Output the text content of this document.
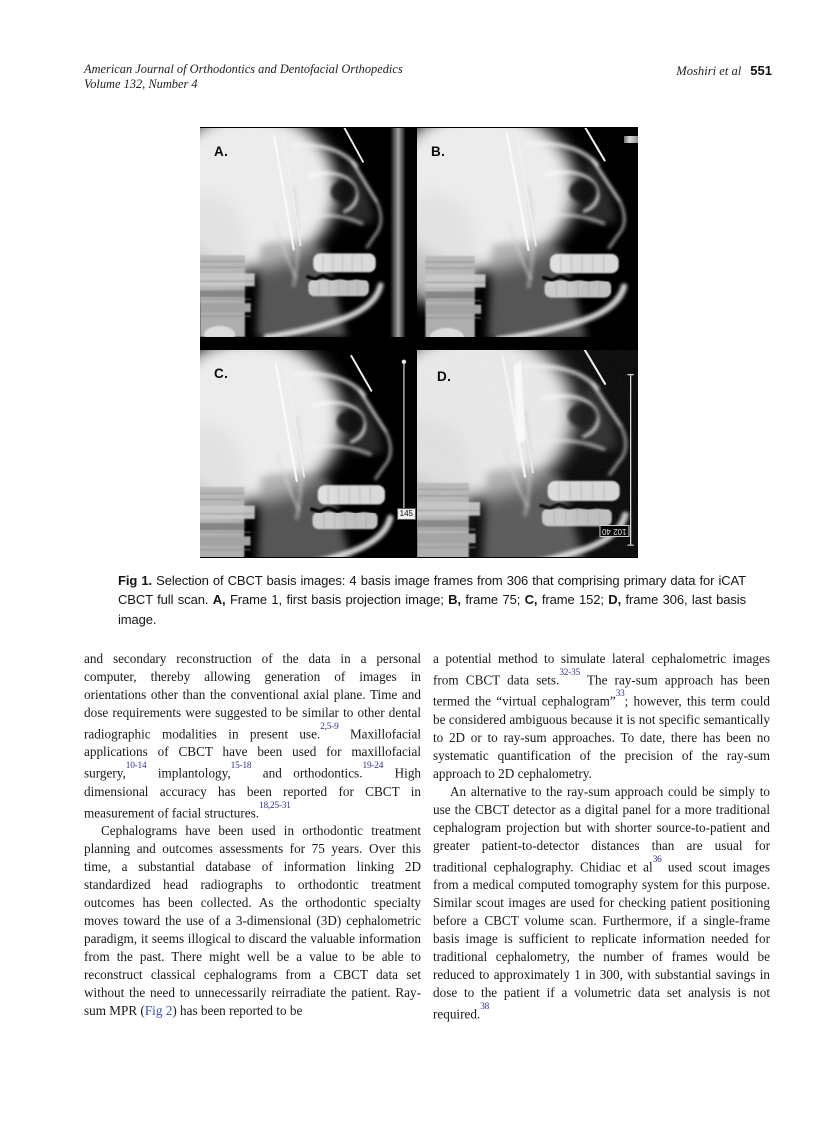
American Journal of Orthodontics and Dentofacial Orthopedics
Volume 132, Number 4
Moshiri et al 551
A.	B.
C.
145
D.
102 40

Fig 1. Selection of CBCT basis images: 4 basis image frames from 306 that comprising primary data for iCAT CBCT full scan. A, Frame 1, first basis projection image; B, frame 75; C, frame 152; D, frame 306, last basis image.

and secondary reconstruction of the data in a personal computer, thereby allowing generation of images in orientations other than the conventional axial plane. Time and dose requirements were suggested to be similar to other dental radiographic modalities in present use.$^{2,5-9}$ Maxillofacial applications of CBCT have been used for maxillofacial surgery,$^{10-14}$ implantology,$^{15-18}$ and orthodontics.$^{19-24}$ High dimensional accuracy has been reported for CBCT in measurement of facial structures.$^{18,25-31}$

Cephalograms have been used in orthodontic treatment planning and outcomes assessments for 75 years. Over this time, a substantial database of information linking 2D standardized head radiographs to orthodontic treatment outcomes has been collected. As the orthodontic specialty moves toward the use of a 3-dimensional (3D) cephalometric paradigm, it seems illogical to discard the valuable information from the past. There might well be a value to be able to reconstruct classical cephalograms from a CBCT data set without the need to unnecessarily reirradiate the patient. Ray-sum MPR (Fig 2) has been reported to be

a potential method to simulate lateral cephalometric images from CBCT data sets.$^{32-35}$ The ray-sum approach has been termed the “virtual cephalogram”$^{33}$; however, this term could be considered ambiguous because it is not specific semantically to 2D or to ray-sum approaches. To date, there has been no systematic quantification of the precision of the ray-sum approach to 2D cephalometry.

An alternative to the ray-sum approach could be simply to use the CBCT detector as a digital panel for a more traditional cephalogram projection but with shorter source-to-patient and greater patient-to-detector distances than are usual for traditional cephalography. Chidiac et al$^{36}$ used scout images from a medical computed tomography system for this purpose. Similar scout images are used for checking patient positioning before a CBCT volume scan. Furthermore, if a single-frame basis image is sufficient to replicate information needed for traditional cephalometry, the number of frames would be reduced to approximately 1 in 300, with substantial savings in dose to the patient if a volumetric data set analysis is not required.$^{38}$
